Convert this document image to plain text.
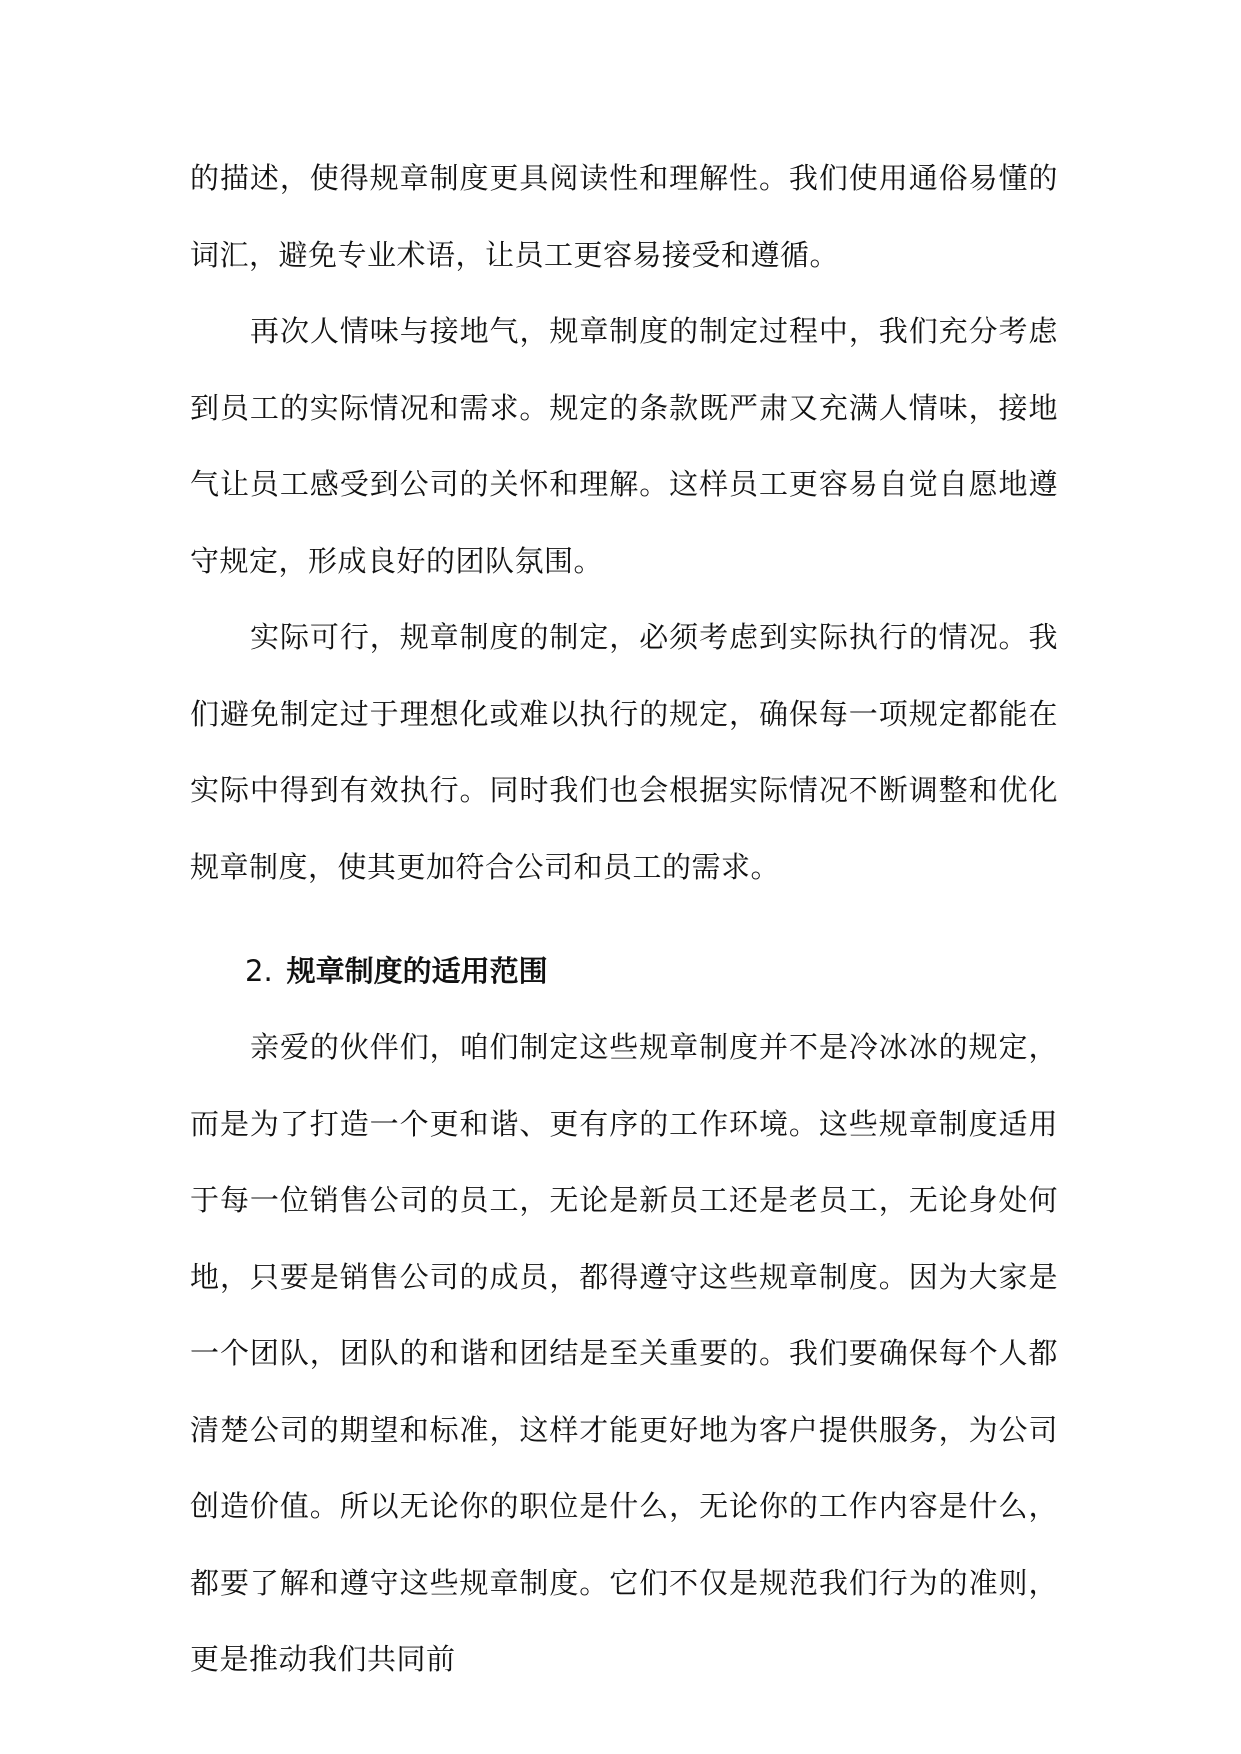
的描述，使得规章制度更具阅读性和理解性。我们使用通俗易懂的词汇，避免专业术语，让员工更容易接受和遵循。

再次人情味与接地气，规章制度的制定过程中，我们充分考虑到员工的实际情况和需求。规定的条款既严肃又充满人情味，接地气让员工感受到公司的关怀和理解。这样员工更容易自觉自愿地遵守规定，形成良好的团队氛围。

实际可行，规章制度的制定，必须考虑到实际执行的情况。我们避免制定过于理想化或难以执行的规定，确保每一项规定都能在实际中得到有效执行。同时我们也会根据实际情况不断调整和优化规章制度，使其更加符合公司和员工的需求。

2. 规章制度的适用范围

亲爱的伙伴们，咱们制定这些规章制度并不是冷冰冰的规定，而是为了打造一个更和谐、更有序的工作环境。这些规章制度适用于每一位销售公司的员工，无论是新员工还是老员工，无论身处何地，只要是销售公司的成员，都得遵守这些规章制度。因为大家是一个团队，团队的和谐和团结是至关重要的。我们要确保每个人都清楚公司的期望和标准，这样才能更好地为客户提供服务，为公司创造价值。所以无论你的职位是什么，无论你的工作内容是什么，都要了解和遵守这些规章制度。它们不仅是规范我们行为的准则，更是推动我们共同前
